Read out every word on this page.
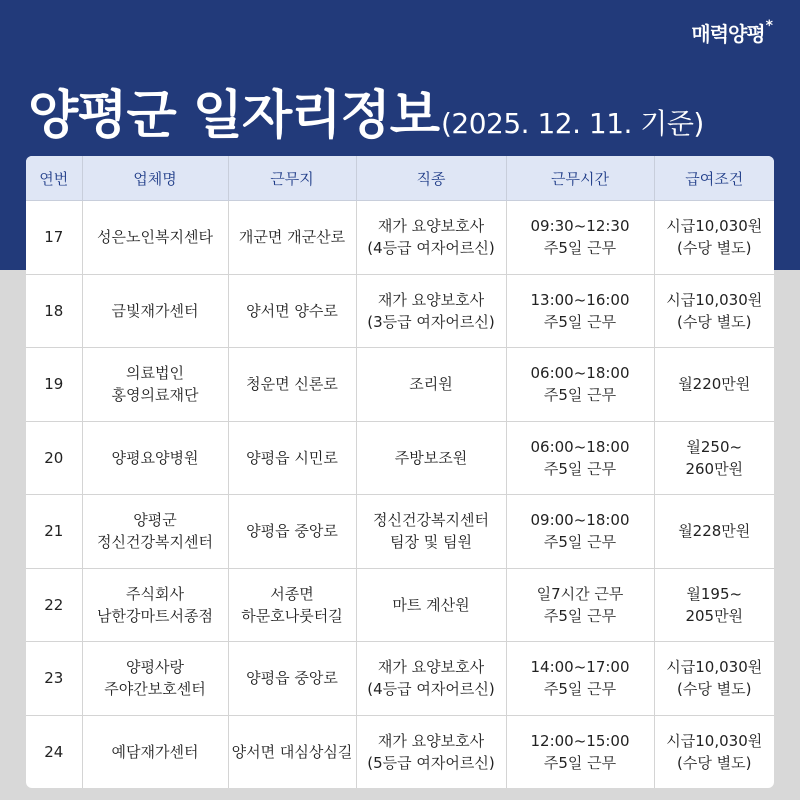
매력양평*
양평군 일자리정보 (2025. 12. 11. 기준)
연번	업체명	근무지	직종	근무시간	급여조건
17	성은노인복지센타	개군면 개군산로	재가 요양보호사
(4등급 여자어르신)	09:30~12:30
주5일 근무	시급10,030원
(수당 별도)

18	금빛재가센터	양서면 양수로	재가 요양보호사
(3등급 여자어르신)	13:00~16:00
주5일 근무	시급10,030원
(수당 별도)

19	의료법인
홍영의료재단	청운면 신론로	조리원	06:00~18:00
주5일 근무	월220만원

20	양평요양병원	양평읍 시민로	주방보조원	06:00~18:00
주5일 근무	월250~
260만원

21	양평군
정신건강복지센터	양평읍 중앙로	정신건강복지센터
팀장 및 팀원	09:00~18:00
주5일 근무	월228만원

22	주식회사
남한강마트서종점	서종면
하문호나룻터길	마트 계산원	일7시간 근무
주5일 근무	월195~
205만원

23	양평사랑
주야간보호센터	양평읍 중앙로	재가 요양보호사
(4등급 여자어르신)	14:00~17:00
주5일 근무	시급10,030원
(수당 별도)

24	예담재가센터	양서면 대심상심길	재가 요양보호사
(5등급 여자어르신)	12:00~15:00
주5일 근무	시급10,030원
(수당 별도)
